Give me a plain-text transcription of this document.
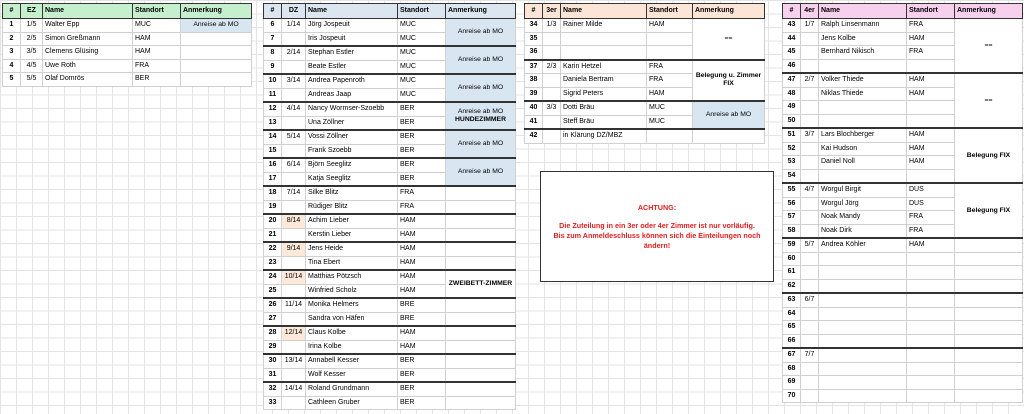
#	EZ	Name	Standort	Anmerkung
1	1/5	Walter Epp	MUC	Anreise ab MO
2	2/5	Simon Greßmann	HAM	
3	3/5	Clemens Glüsing	HAM	
4	4/5	Uwe Roth	FRA	
5	5/5	Olaf Domrös	BER	
#	DZ	Name	Standort	Anmerkung
6	1/14	Jörg Jospeuit	MUC	Anreise ab MO

7		Iris Jospeuit	MUC	
8	2/14	Stephan Estler	MUC	Anreise ab MO

9		Beate Estler	MUC	
10	3/14	Andrea Papenroth	MUC	Anreise ab MO

11		Andreas Jaap	MUC	
12	4/14	Nancy Wormser-Szoebb	BER	Anreise ab MO
HUNDEZIMMER

13		Una Zöllner	BER	
14	5/14	Vossi Zöllner	BER	Anreise ab MO

15		Frank Szoebb	BER	
16	6/14	Björn Seeglitz	BER	Anreise ab MO

17		Katja Seeglitz	BER	
18	7/14	Silke Blitz	FRA	
19		Rüdiger Blitz	FRA	
20	8/14	Achim Lieber	HAM	
21		Kerstin Lieber	HAM	
22	9/14	Jens Heide	HAM	
23		Tina Ebert	HAM	
24	10/14	Matthias Pötzsch	HAM	ZWEIBETT-ZIMMER

25		Winfried Scholz	HAM	
26	11/14	Monika Helmers	BRE	
27		Sandra von Häfen	BRE	
28	12/14	Claus Kolbe	HAM	
29		Irina Kolbe	HAM	
30	13/14	Annabell Kesser	BER	
31		Wolf Kesser	BER	
32	14/14	Roland Grundmann	BER	
33		Cathleen Gruber	BER	
#	3er	Name	Standort	Anmerkung
34	1/3	Rainer Milde	HAM	==

35				
36				
37	2/3	Karin Hetzel	FRA	Belegung u. Zimmer FIX

38		Daniela Bertram	FRA	
39		Sigrid Peters	HAM	
40	3/3	Dotti Bräu	MUC	Anreise ab MO

41		Steff Bräu	MUC	
42		in Klärung DZ/MBZ		

ACHTUNG:

Die Zuteilung in ein 3er oder 4er Zimmer ist nur vorläufig.

Bis zum Anmeldeschluss können sich die Einteilungen noch ändern!

#	4er	Name	Standort	Anmerkung
43	1/7	Ralph Linsenmann	FRA	==

44		Jens Kolbe	HAM	
45		Bernhard Nikisch	FRA	
46				
47	2/7	Volker Thiede	HAM	==

48		Niklas Thiede	HAM	
49				
50				
51	3/7	Lars Blochberger	HAM	Belegung FIX

52		Kai Hudson	HAM	
53		Daniel Noll	HAM	
54				
55	4/7	Worgul Birgit	DUS	Belegung FIX

56		Worgul Jörg	DUS	
57		Noak Mandy	FRA	
58		Noak Dirk	FRA	
59	5/7	Andrea Köhler	HAM	
60				
61				
62				
63	6/7			
64				
65				
66				
67	7/7			
68				
69				
70				
